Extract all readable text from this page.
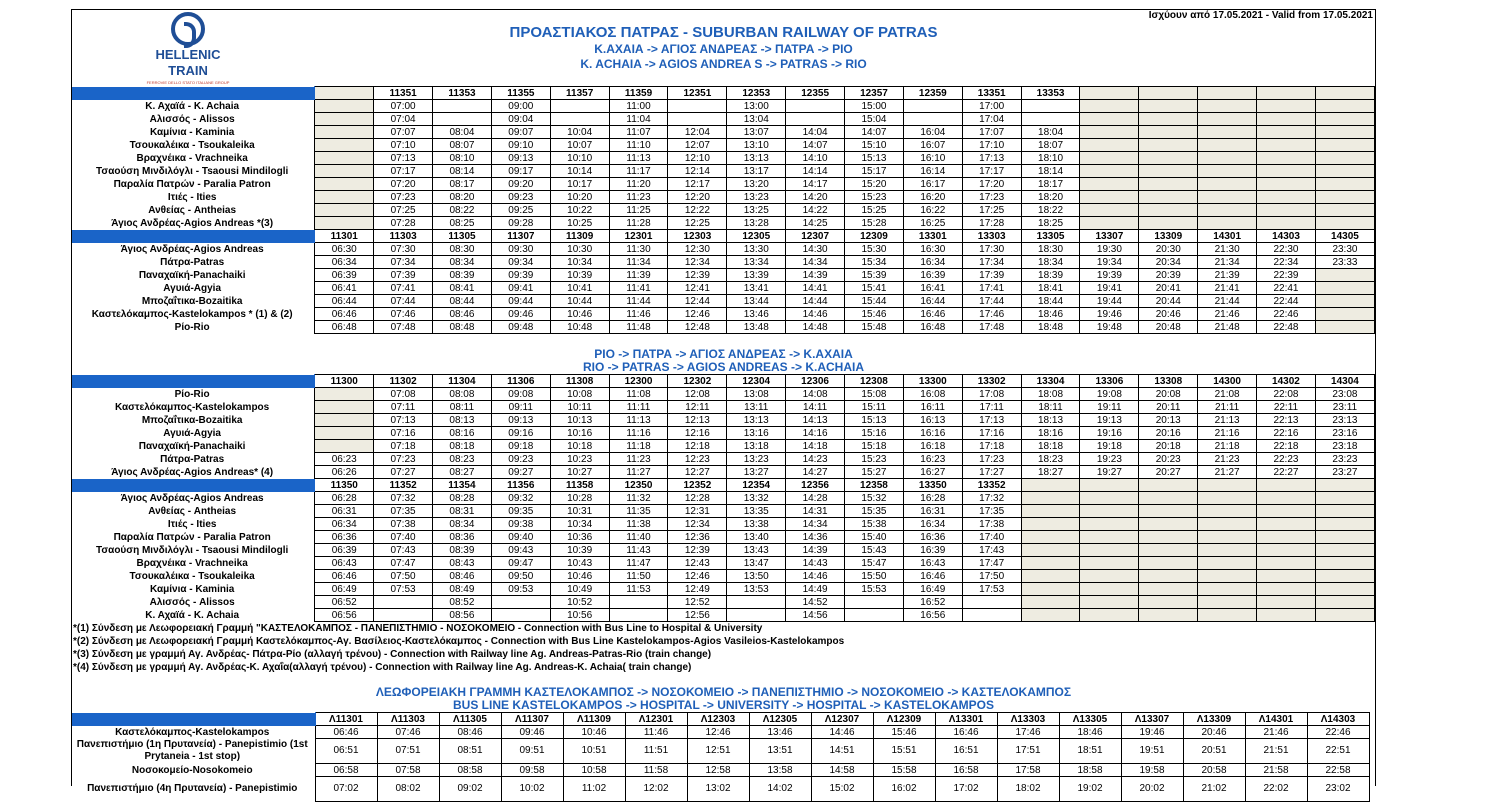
HELLENIC
TRAIN
FERROVIE DELLO STATO ITALIANE GROUP
Ισχύουν από 17.05.2021 - Valid from 17.05.2021
ΠΡΟΑΣΤΙΑΚΟΣ ΠΑΤΡΑΣ - SUBURBAN RAILWAY OF PATRAS
Κ.ΑΧΑΙΑ -> ΑΓΙΟΣ ΑΝΔΡΕΑΣ -> ΠΑΤΡΑ -> ΡΙΟ
K. ACHAIA -> AGIOS ANDREA S -> PATRAS -> RIO
		11351	11353	11355	11357	11359	12351	12353	12355	12357	12359	13351	13353					
Κ. Αχαϊά - K. Achaia		07:00		09:00		11:00		13:00		15:00		17:00						
Αλισσός - Alissos		07:04		09:04		11:04		13:04		15:04		17:04						
Καμίνια - Kaminia		07:07	08:04	09:07	10:04	11:07	12:04	13:07	14:04	14:07	16:04	17:07	18:04					
Τσουκαλέικα - Tsoukaleika		07:10	08:07	09:10	10:07	11:10	12:07	13:10	14:07	15:10	16:07	17:10	18:07					
Βραχνέικα - Vrachneika		07:13	08:10	09:13	10:10	11:13	12:10	13:13	14:10	15:13	16:10	17:13	18:10					
Τσαούση Μινδιλόγλι - Tsaousi Mindilogli		07:17	08:14	09:17	10:14	11:17	12:14	13:17	14:14	15:17	16:14	17:17	18:14					
Παραλία Πατρών - Paralia Patron		07:20	08:17	09:20	10:17	11:20	12:17	13:20	14:17	15:20	16:17	17:20	18:17					
Ιτιές - Ities		07:23	08:20	09:23	10:20	11:23	12:20	13:23	14:20	15:23	16:20	17:23	18:20					
Ανθείας - Antheias		07:25	08:22	09:25	10:22	11:25	12:22	13:25	14:22	15:25	16:22	17:25	18:22					
Άγιος Ανδρέας-Agios Andreas *(3)		07:28	08:25	09:28	10:25	11:28	12:25	13:28	14:25	15:28	16:25	17:28	18:25					
	11301	11303	11305	11307	11309	12301	12303	12305	12307	12309	13301	13303	13305	13307	13309	14301	14303	14305
Άγιος Ανδρέας-Agios Andreas	06:30	07:30	08:30	09:30	10:30	11:30	12:30	13:30	14:30	15:30	16:30	17:30	18:30	19:30	20:30	21:30	22:30	23:30
Πάτρα-Patras	06:34	07:34	08:34	09:34	10:34	11:34	12:34	13:34	14:34	15:34	16:34	17:34	18:34	19:34	20:34	21:34	22:34	23:33
Παναχαϊκή-Panachaiki	06:39	07:39	08:39	09:39	10:39	11:39	12:39	13:39	14:39	15:39	16:39	17:39	18:39	19:39	20:39	21:39	22:39	
Αγυιά-Agyia	06:41	07:41	08:41	09:41	10:41	11:41	12:41	13:41	14:41	15:41	16:41	17:41	18:41	19:41	20:41	21:41	22:41	
Μποζαΐτικα-Bozaitika	06:44	07:44	08:44	09:44	10:44	11:44	12:44	13:44	14:44	15:44	16:44	17:44	18:44	19:44	20:44	21:44	22:44	
Καστελόκαμπος-Kastelokampos * (1) & (2)	06:46	07:46	08:46	09:46	10:46	11:46	12:46	13:46	14:46	15:46	16:46	17:46	18:46	19:46	20:46	21:46	22:46	
Ρίο-Rio	06:48	07:48	08:48	09:48	10:48	11:48	12:48	13:48	14:48	15:48	16:48	17:48	18:48	19:48	20:48	21:48	22:48	
ΡΙΟ -> ΠΑΤΡΑ -> ΑΓΙΟΣ ΑΝΔΡΕΑΣ -> Κ.ΑΧΑΙΑ
RIO -> PATRAS -> AGIOS ANDREAS -> K.ACHAIA
	11300	11302	11304	11306	11308	12300	12302	12304	12306	12308	13300	13302	13304	13306	13308	14300	14302	14304
Ρίο-Rio		07:08	08:08	09:08	10:08	11:08	12:08	13:08	14:08	15:08	16:08	17:08	18:08	19:08	20:08	21:08	22:08	23:08
Καστελόκαμπος-Kastelokampos		07:11	08:11	09:11	10:11	11:11	12:11	13:11	14:11	15:11	16:11	17:11	18:11	19:11	20:11	21:11	22:11	23:11
Μποζαΐτικα-Bozaitika		07:13	08:13	09:13	10:13	11:13	12:13	13:13	14:13	15:13	16:13	17:13	18:13	19:13	20:13	21:13	22:13	23:13
Αγυιά-Agyia		07:16	08:16	09:16	10:16	11:16	12:16	13:16	14:16	15:16	16:16	17:16	18:16	19:16	20:16	21:16	22:16	23:16
Παναχαϊκή-Panachaiki		07:18	08:18	09:18	10:18	11:18	12:18	13:18	14:18	15:18	16:18	17:18	18:18	19:18	20:18	21:18	22:18	23:18
Πάτρα-Patras	06:23	07:23	08:23	09:23	10:23	11:23	12:23	13:23	14:23	15:23	16:23	17:23	18:23	19:23	20:23	21:23	22:23	23:23
Άγιος Ανδρέας-Agios Andreas* (4)	06:26	07:27	08:27	09:27	10:27	11:27	12:27	13:27	14:27	15:27	16:27	17:27	18:27	19:27	20:27	21:27	22:27	23:27
	11350	11352	11354	11356	11358	12350	12352	12354	12356	12358	13350	13352						
Άγιος Ανδρέας-Agios Andreas	06:28	07:32	08:28	09:32	10:28	11:32	12:28	13:32	14:28	15:32	16:28	17:32						
Ανθείας - Antheias	06:31	07:35	08:31	09:35	10:31	11:35	12:31	13:35	14:31	15:35	16:31	17:35						
Ιτιές - Ities	06:34	07:38	08:34	09:38	10:34	11:38	12:34	13:38	14:34	15:38	16:34	17:38						
Παραλία Πατρών - Paralia Patron	06:36	07:40	08:36	09:40	10:36	11:40	12:36	13:40	14:36	15:40	16:36	17:40						
Τσαούση Μινδιλόγλι - Tsaousi Mindilogli	06:39	07:43	08:39	09:43	10:39	11:43	12:39	13:43	14:39	15:43	16:39	17:43						
Βραχνέικα - Vrachneika	06:43	07:47	08:43	09:47	10:43	11:47	12:43	13:47	14:43	15:47	16:43	17:47						
Τσουκαλέικα - Tsoukaleika	06:46	07:50	08:46	09:50	10:46	11:50	12:46	13:50	14:46	15:50	16:46	17:50						
Καμίνια - Kaminia	06:49	07:53	08:49	09:53	10:49	11:53	12:49	13:53	14:49	15:53	16:49	17:53						
Αλισσός - Alissos	06:52		08:52		10:52		12:52		14:52		16:52							
Κ. Αχαϊά - K. Achaia	06:56		08:56		10:56		12:56		14:56		16:56							
*(1) Σύνδεση με Λεωφορειακή Γραμμή "ΚΑΣΤΕΛΟΚΑΜΠΟΣ - ΠΑΝΕΠΙΣΤΗΜΙΟ - ΝΟΣΟΚΟΜΕΙΟ - Connection with Bus Line to Hospital & University
*(2) Σύνδεση με Λεωφορειακή Γραμμή Καστελόκαμπος-Αγ. Βασίλειος-Καστελόκαμπος - Connection with Bus Line Kastelokampos-Agios Vasileios-Kastelokampos
*(3) Σύνδεση με γραμμή Αγ. Ανδρέας- Πάτρα-Ρίο (αλλαγή τρένου) - Connection with Railway line Ag. Andreas-Patras-Rio (train change)
*(4) Σύνδεση με γραμμή Αγ. Ανδρέας-Κ. Αχαΐα(αλλαγή τρένου) - Connection with Railway line Ag. Andreas-K. Achaia( train change)
ΛΕΩΦΟΡΕΙΑΚΗ ΓΡΑΜΜΗ ΚΑΣΤΕΛΟΚΑΜΠΟΣ -> ΝΟΣΟΚΟΜΕΙΟ -> ΠΑΝΕΠΙΣΤΗΜΙΟ -> ΝΟΣΟΚΟΜΕΙΟ -> ΚΑΣΤΕΛΟΚΑΜΠΟΣ
BUS LINE KASTELOKAMPOS -> HOSPITAL -> UNIVERSITY -> HOSPITAL -> KASTELOKAMPOS
	Λ11301	Λ11303	Λ11305	Λ11307	Λ11309	Λ12301	Λ12303	Λ12305	Λ12307	Λ12309	Λ13301	Λ13303	Λ13305	Λ13307	Λ13309	Λ14301	Λ14303
Καστελόκαμπος-Kastelokampos	06:46	07:46	08:46	09:46	10:46	11:46	12:46	13:46	14:46	15:46	16:46	17:46	18:46	19:46	20:46	21:46	22:46
Πανεπιστήμιο (1η Πρυτανεία) - Panepistimio (1st Prytaneia - 1st stop)	06:51	07:51	08:51	09:51	10:51	11:51	12:51	13:51	14:51	15:51	16:51	17:51	18:51	19:51	20:51	21:51	22:51
Νοσοκομείο-Nosokomeio	06:58	07:58	08:58	09:58	10:58	11:58	12:58	13:58	14:58	15:58	16:58	17:58	18:58	19:58	20:58	21:58	22:58
Πανεπιστήμιο (4η Πρυτανεία) - Panepistimio	07:02	08:02	09:02	10:02	11:02	12:02	13:02	14:02	15:02	16:02	17:02	18:02	19:02	20:02	21:02	22:02	23:02
